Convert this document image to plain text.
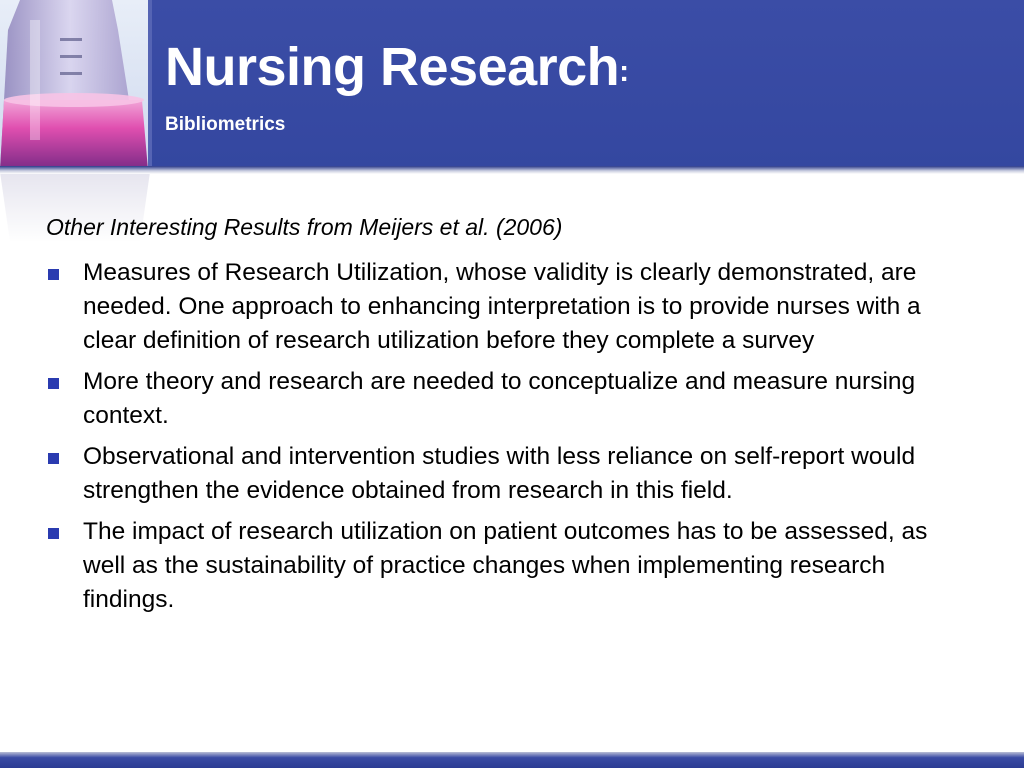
Nursing Research:
Bibliometrics

Other Interesting Results from Meijers et al. (2006)

Measures of Research Utilization, whose validity is clearly demonstrated, are needed. One approach to enhancing interpretation is to provide nurses with a clear definition of research utilization before they complete a survey
More theory and research are needed to conceptualize and measure nursing context.
Observational and intervention studies with less reliance on self-report would strengthen the evidence obtained from research in this field.
The impact of research utilization on patient outcomes has to be assessed, as well as the sustainability of practice changes when implementing research findings.
